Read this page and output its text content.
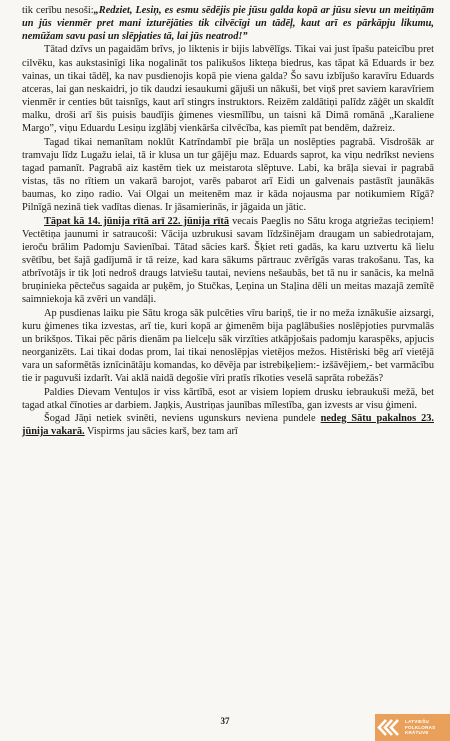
tik cerību nesoši:„Redziet, Lesiņ, es esmu sēdējis pie jūsu galda kopā ar jūsu sievu un meitiņām un jūs vienmēr pret mani izturējāties tik cilvēcīgi un tādēļ, kaut arī es pārkāpju likumu, nemūžam savu pasi un slēpjaties tā, lai jūs neatrod!”

Tātad dzīvs un pagaidām brīvs, jo liktenis ir bijis labvēlīgs. Tikai vai just īpašu pateicību pret cilvēku, kas aukstasinīgi lika nogalināt tos palikušos likteņa biedrus, kas tāpat kā Eduards ir bez vainas, un tikai tādēļ, ka nav pusdienojis kopā pie viena galda? Šo savu izbījušo karavīru Eduards atceras, lai gan neskaidri, jo tik daudzi iesaukumi gājuši un nākuši, bet viņš pret saviem karavīriem vienmēr ir centies būt taisnīgs, kaut arī stingrs instruktors. Reizēm zaldātiņi palīdz zāģēt un skaldīt malku, droši arī šis puisis baudījis ģimenes viesmīlību, un taisni kā Dimā romānā „Karaliene Margo”, viņu Eduardu Lesiņu izglābj vienkārša cilvēcība, kas piemīt pat bendēm, dažreiz.

Tagad tikai nemanītam noklūt Katrīndambī pie brāļa un noslēpties pagrabā. Visdrošāk ar tramvaju līdz Lugažu ielai, tā ir klusa un tur gājēju maz. Eduards saprot, ka viņu nedrīkst neviens tagad pamanīt. Pagrabā aiz kastēm tiek uz meistarota slēptuve. Labi, ka brāļa sievai ir pagrabā vistas, tās no rītiem un vakarā barojot, varēs pabarot arī Eidi un galvenais pastāstīt jaunākās baumas, ko ziņo radio. Vai Olgai un meitenēm maz ir kāda nojausma par notikumiem Rīgā? Pilnīgā nezinā tiek vadītas dienas. Ir jāsamierinās, ir jāgaida un jātic.

Tāpat kā 14. jūnija rītā arī 22. jūnija rītā vecais Paeglis no Sātu kroga atgriežas teciņiem! Vectētiņa jaunumi ir satraucoši: Vācija uzbrukusi savam līdzšinējam draugam un sabiedrotajam, ieroču brālim Padomju Savienībai. Tātad sācies karš. Šķiet reti gadās, ka karu uztvertu kā lielu svētību, bet šajā gadījumā ir tā reize, kad kara sākums pārtrauc zvērīgās varas trakošanu. Tas, ka atbrīvotājs ir tik ļoti nedroš draugs latviešu tautai, neviens nešaubās, bet tā nu ir sanācis, ka melnā bruņinieka pēctečus sagaida ar puķēm, jo Stučkas, Ļeņina un Staļina dēli un meitas mazajā zemītē saimniekoja kā zvēri un vandāļi.

Ap pusdienas laiku pie Sātu kroga sāk pulcēties vīru bariņš, tie ir no meža iznākušie aizsargi, kuru ģimenes tika izvestas, arī tie, kuri kopā ar ģimenēm bija paglābušies noslēpjoties purvmalās un brikšņos. Tikai pēc pāris dienām pa lielceļu sāk virzīties atkāpjošais padomju karaspēks, apjucis neorganizēts. Lai tikai dodas prom, lai tikai nenoslēpjas vietējos mežos. Histēriski bēg arī vietējā vara un saformētās iznīcinātāju komandas, ko dēvēja par istrebiķeļiem:- izšāvējiem,- bet varmācību tie ir paguvuši izdarīt. Vai aklā naidā degošie vīri pratīs rīkoties veselā saprāta robežās?

Paldies Dievam Ventuļos ir viss kārtībā, esot ar visiem lopiem drusku iebraukuši mežā, bet tagad atkal čīnoties ar darbiem. Jaņķis, Austriņas jaunības mīlestība, gan izvests ar visu ģimeni.

Šogad Jāņi netiek svinēti, neviens ugunskurs neviena pundele nedeg Sātu pakalnos 23. jūnija vakarā. Vispirms jau sācies karš, bez tam arī

37	LATVIEŠU
FOLKLORAS
KRĀTUVE
